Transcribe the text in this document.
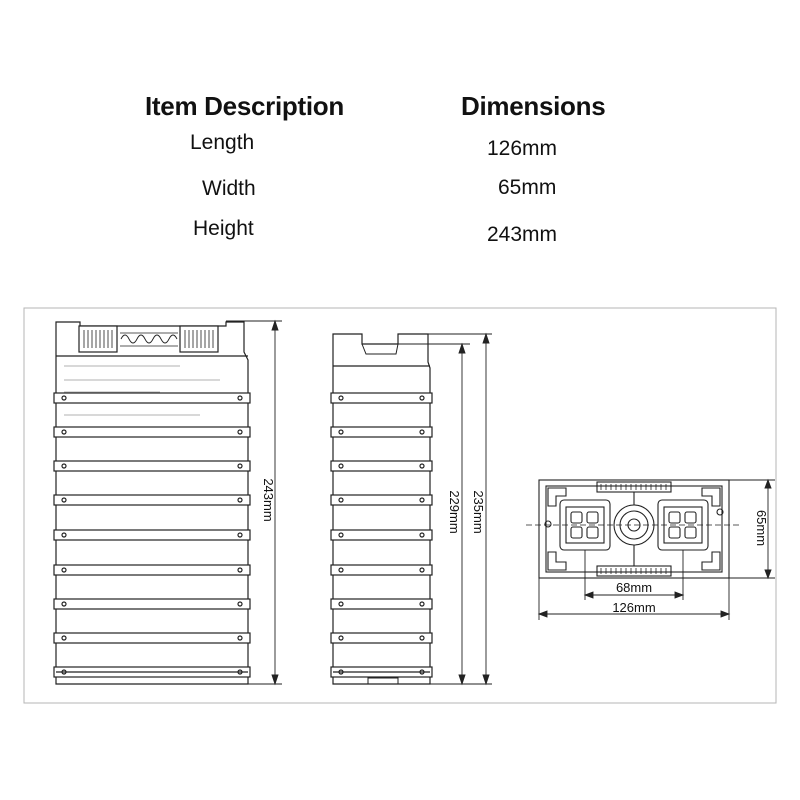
Item Description	Dimensions
Length	126mm
Width	65mm
Height	243mm
243mm	229mm 235mm	65mm
68mm
126mm
